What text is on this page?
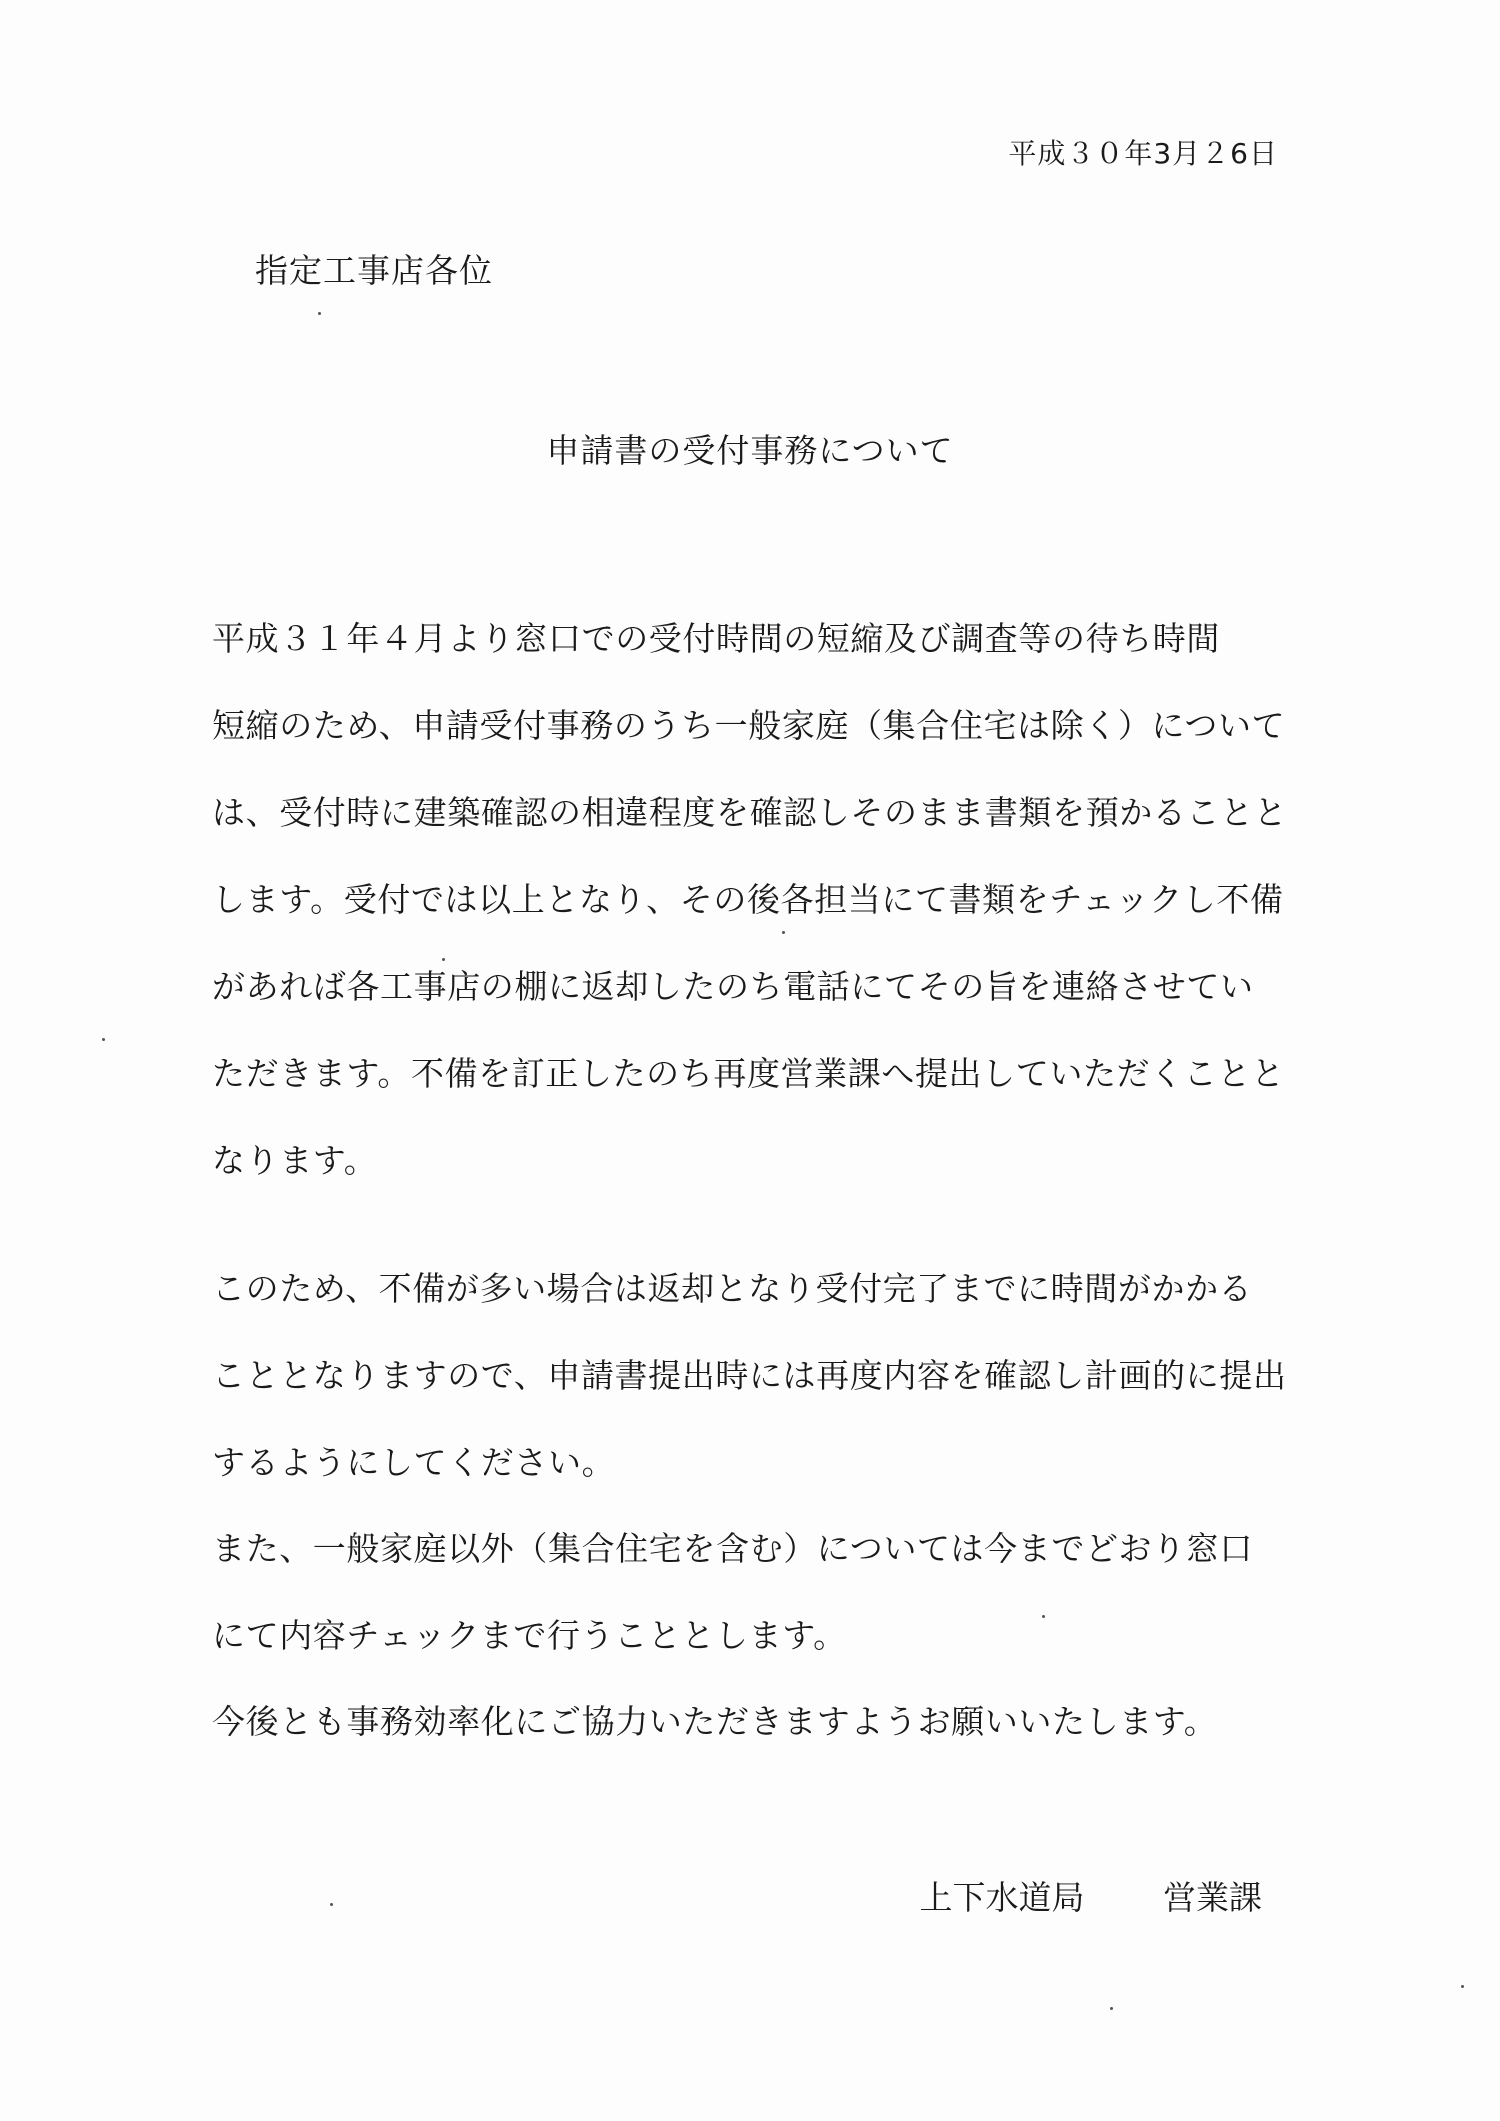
平成３０年3月２6日
指定工事店各位
申請書の受付事務について
平成３１年４月より窓口での受付時間の短縮及び調査等の待ち時間
短縮のため、申請受付事務のうち一般家庭（集合住宅は除く）について
は、受付時に建築確認の相違程度を確認しそのまま書類を預かることと
します。受付では以上となり、その後各担当にて書類をチェックし不備
があれば各工事店の棚に返却したのち電話にてその旨を連絡させてい
ただきます。不備を訂正したのち再度営業課へ提出していただくことと
なります。
このため、不備が多い場合は返却となり受付完了までに時間がかかる
こととなりますので、申請書提出時には再度内容を確認し計画的に提出
するようにしてください。
また、一般家庭以外（集合住宅を含む）については今までどおり窓口
にて内容チェックまで行うこととします。
今後とも事務効率化にご協力いただきますようお願いいたします。
上下水道局 営業課
